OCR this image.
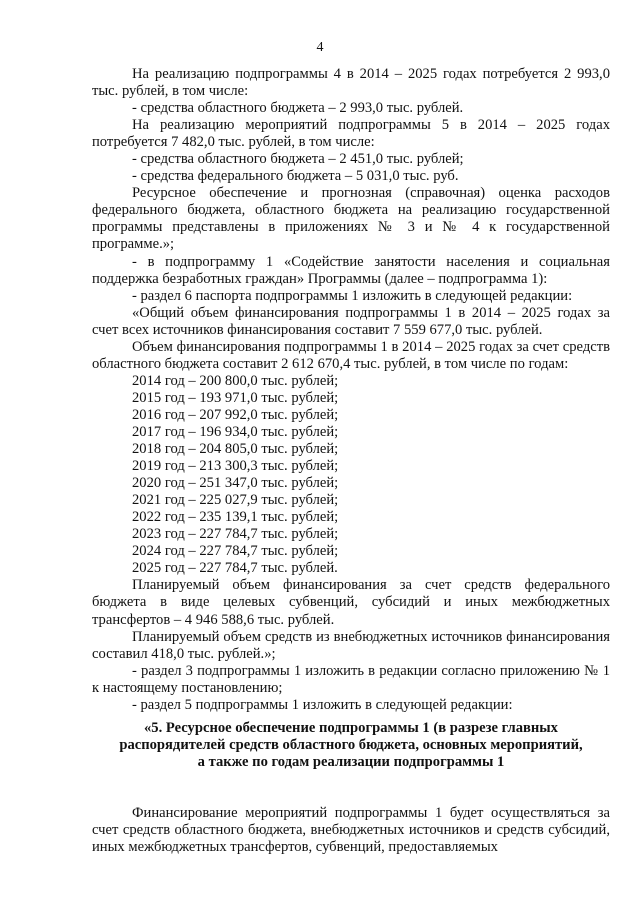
4

На реализацию подпрограммы 4 в 2014 – 2025 годах потребуется 2 993,0 тыс. рублей, в том числе:

- средства областного бюджета – 2 993,0 тыс. рублей.

На реализацию мероприятий подпрограммы 5 в 2014 – 2025 годах потребуется 7 482,0 тыс. рублей, в том числе:

- средства областного бюджета – 2 451,0 тыс. рублей;

- средства федерального бюджета – 5 031,0 тыс. руб.

Ресурсное обеспечение и прогнозная (справочная) оценка расходов федерального бюджета, областного бюджета на реализацию государственной программы представлены в приложениях № 3 и № 4 к государственной программе.»;

- в подпрограмму 1 «Содействие занятости населения и социальная поддержка безработных граждан» Программы (далее – подпрограмма 1):

- раздел 6 паспорта подпрограммы 1 изложить в следующей редакции:

«Общий объем финансирования подпрограммы 1 в 2014 – 2025 годах за счет всех источников финансирования составит 7 559 677,0 тыс. рублей.

Объем финансирования подпрограммы 1 в 2014 – 2025 годах за счет средств областного бюджета составит 2 612 670,4 тыс. рублей, в том числе по годам:

2014 год – 200 800,0 тыс. рублей;
2015 год – 193 971,0 тыс. рублей;
2016 год – 207 992,0 тыс. рублей;
2017 год – 196 934,0 тыс. рублей;
2018 год – 204 805,0 тыс. рублей;
2019 год – 213 300,3 тыс. рублей;
2020 год – 251 347,0 тыс. рублей;
2021 год – 225 027,9 тыс. рублей;
2022 год – 235 139,1 тыс. рублей;
2023 год – 227 784,7 тыс. рублей;
2024 год – 227 784,7 тыс. рублей;
2025 год – 227 784,7 тыс. рублей.

Планируемый объем финансирования за счет средств федерального бюджета в виде целевых субвенций, субсидий и иных межбюджетных трансфертов – 4 946 588,6 тыс. рублей.

Планируемый объем средств из внебюджетных источников финансирования составил 418,0 тыс. рублей.»;

- раздел 3 подпрограммы 1 изложить в редакции согласно приложению № 1 к настоящему постановлению;

- раздел 5 подпрограммы 1 изложить в следующей редакции:

«5. Ресурсное обеспечение подпрограммы 1 (в разрезе главных
распорядителей средств областного бюджета, основных мероприятий,
а также по годам реализации подпрограммы 1

Финансирование мероприятий подпрограммы 1 будет осуществляться за счет средств областного бюджета, внебюджетных источников и средств субсидий, иных межбюджетных трансфертов, субвенций, предоставляемых
